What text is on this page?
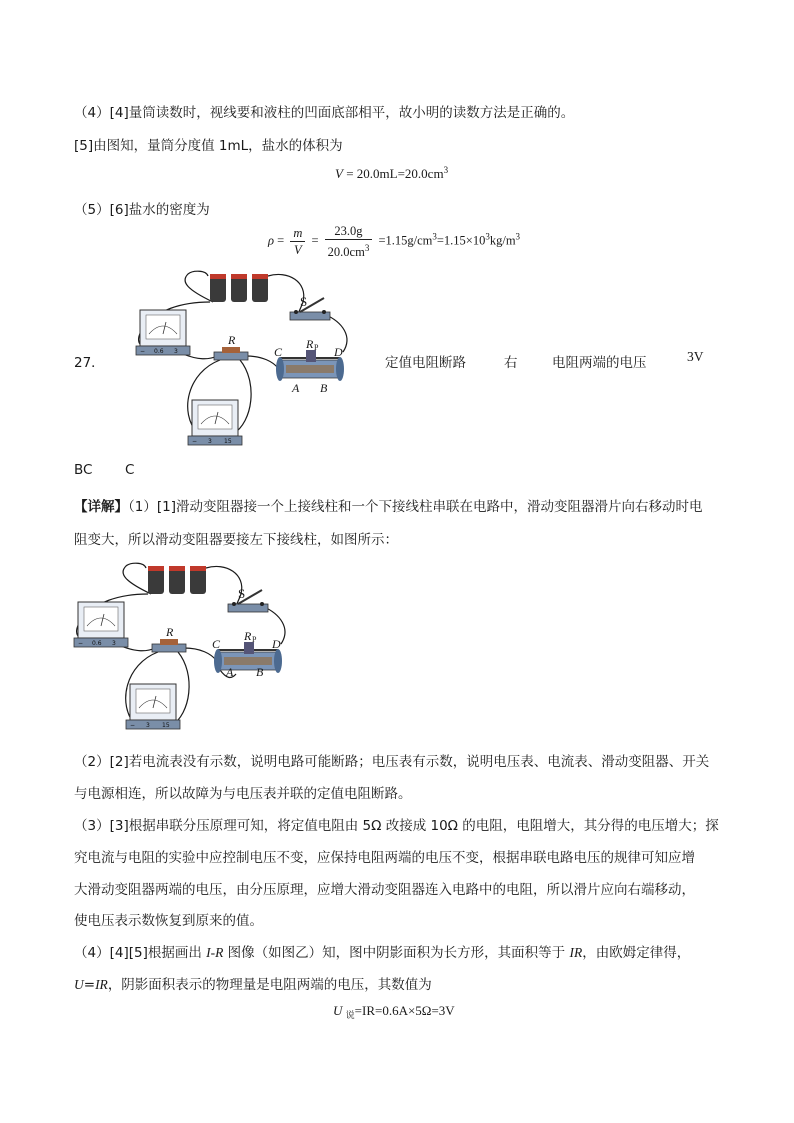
（4）[4]量筒读数时，视线要和液柱的凹面底部相平，故小明的读数方法是正确的。
[5]由图知，量筒分度值 1mL，盐水的体积为
$V = 20.0mL=20.0cm^3$
（5）[6]盐水的密度为
$\rho = \frac{m}{V} = \frac{23.0g}{20.0cm^3} =1.15g/cm^3=1.15\times 10^3kg/m^3$
27．
S
− 0.6 3
R
C
R P D
A B
− 3 15
定值电阻断路	右	电阻两端的电压	3V
BC C
【详解】（1）[1]滑动变阻器接一个上接线柱和一个下接线柱串联在电路中，滑动变阻器滑片向右移动时电
阻变大，所以滑动变阻器要接左下接线柱，如图所示：
S
− 0.6 3
R
C
R P D
A B
− 3 15
（2）[2]若电流表没有示数，说明电路可能断路；电压表有示数，说明电压表、电流表、滑动变阻器、开关
与电源相连，所以故障为与电压表并联的定值电阻断路。
（3）[3]根据串联分压原理可知，将定值电阻由 5Ω 改接成 10Ω 的电阻，电阻增大，其分得的电压增大；探
究电流与电阻的实验中应控制电压不变，应保持电阻两端的电压不变，根据串联电路电压的规律可知应增
大滑动变阻器两端的电压，由分压原理，应增大滑动变阻器连入电路中的电阻，所以滑片应向右端移动，
使电压表示数恢复到原来的值。
（4）[4][5]根据画出 I-R 图像（如图乙）知，图中阴影面积为长方形，其面积等于 IR，由欧姆定律得，
U=IR，阴影面积表示的物理量是电阻两端的电压，其数值为
U $_说$=IR=0.6A×5Ω=3V
